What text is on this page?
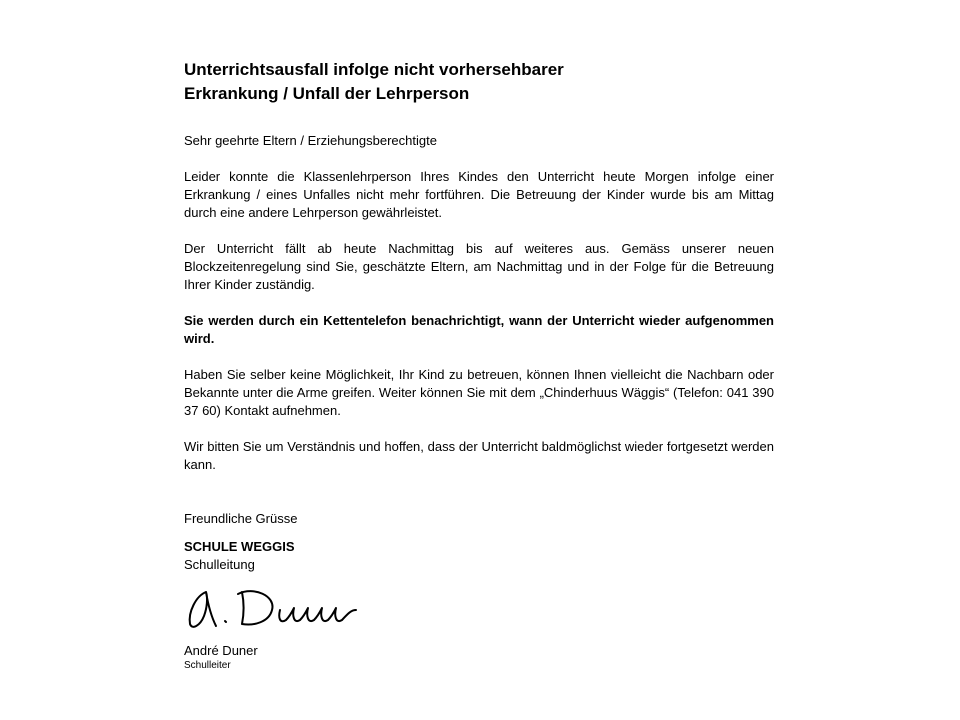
Unterrichtsausfall infolge nicht vorhersehbarer
Erkrankung / Unfall der Lehrperson

Sehr geehrte Eltern / Erziehungsberechtigte

Leider konnte die Klassenlehrperson Ihres Kindes den Unterricht heute Morgen infolge einer Erkrankung / eines Unfalles nicht mehr fortführen. Die Betreuung der Kinder wurde bis am Mittag durch eine andere Lehrperson gewährleistet.

Der Unterricht fällt ab heute Nachmittag bis auf weiteres aus. Gemäss unserer neuen Blockzeitenregelung sind Sie, geschätzte Eltern, am Nachmittag und in der Folge für die Betreuung Ihrer Kinder zuständig.

Sie werden durch ein Kettentelefon benachrichtigt, wann der Unterricht wieder aufgenommen wird.

Haben Sie selber keine Möglichkeit, Ihr Kind zu betreuen, können Ihnen vielleicht die Nachbarn oder Bekannte unter die Arme greifen. Weiter können Sie mit dem „Chinderhuus Wäggis“ (Telefon: 041 390 37 60) Kontakt aufnehmen.

Wir bitten Sie um Verständnis und hoffen, dass der Unterricht baldmöglichst wieder fortgesetzt werden kann.

Freundliche Grüsse
SCHULE WEGGIS
Schulleitung
André Duner
Schulleiter
